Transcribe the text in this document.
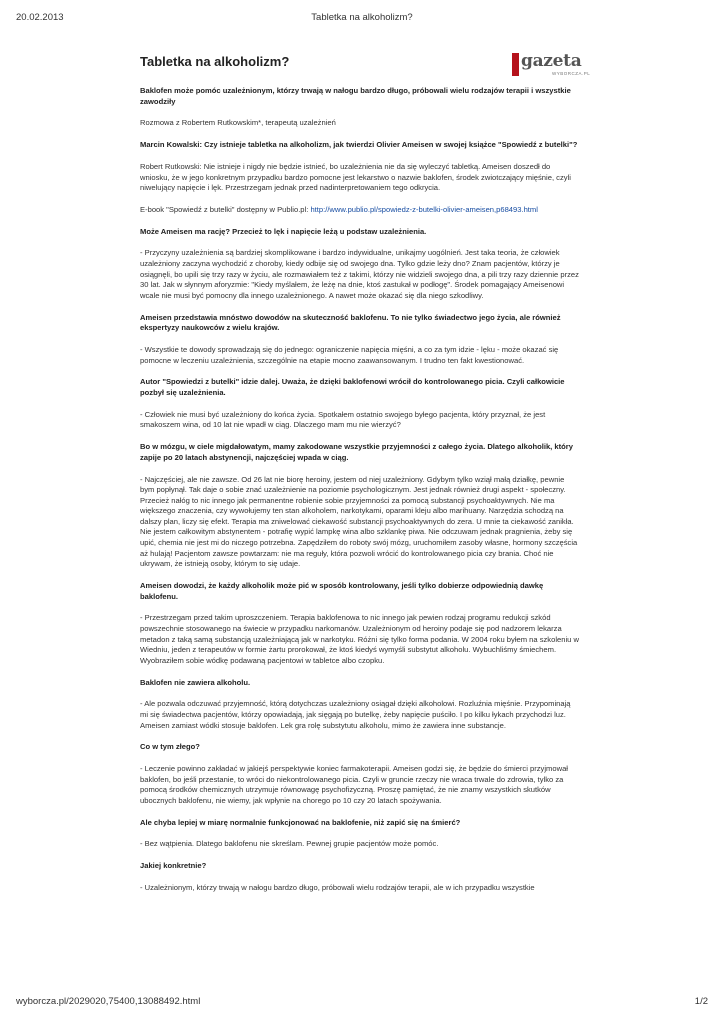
20.02.2013	Tabletka na alkoholizm?
Tabletka na alkoholizm?	gazeta
WYBORCZA.PL

Baklofen może pomóc uzależnionym, którzy trwają w nałogu bardzo długo, próbowali wielu rodzajów terapii i wszystkie zawodziły

Rozmowa z Robertem Rutkowskim*, terapeutą uzależnień

Marcin Kowalski: Czy istnieje tabletka na alkoholizm, jak twierdzi Olivier Ameisen w swojej książce "Spowiedź z butelki"?

Robert Rutkowski: Nie istnieje i nigdy nie będzie istnieć, bo uzależnienia nie da się wyleczyć tabletką. Ameisen doszedł do wniosku, że w jego konkretnym przypadku bardzo pomocne jest lekarstwo o nazwie baklofen, środek zwiotczający mięśnie, czyli niwelujący napięcie i lęk. Przestrzegam jednak przed nadinterpretowaniem tego odkrycia.

E-book "Spowiedź z butelki" dostępny w Publio.pl: http://www.publio.pl/spowiedz-z-butelki-olivier-ameisen,p68493.html

Może Ameisen ma rację? Przecież to lęk i napięcie leżą u podstaw uzależnienia.

- Przyczyny uzależnienia są bardziej skomplikowane i bardzo indywidualne, unikajmy uogólnień. Jest taka teoria, że człowiek uzależniony zaczyna wychodzić z choroby, kiedy odbije się od swojego dna. Tylko gdzie leży dno? Znam pacjentów, którzy je osiągnęli, bo upili się trzy razy w życiu, ale rozmawiałem też z takimi, którzy nie widzieli swojego dna, a pili trzy razy dziennie przez 30 lat. Jak w słynnym aforyzmie: "Kiedy myślałem, że leżę na dnie, ktoś zastukał w podłogę". Środek pomagający Ameisenowi wcale nie musi być pomocny dla innego uzależnionego. A nawet może okazać się dla niego szkodliwy.

Ameisen przedstawia mnóstwo dowodów na skuteczność baklofenu. To nie tylko świadectwo jego życia, ale również ekspertyzy naukowców z wielu krajów.

- Wszystkie te dowody sprowadzają się do jednego: ograniczenie napięcia mięśni, a co za tym idzie - lęku - może okazać się pomocne w leczeniu uzależnienia, szczególnie na etapie mocno zaawansowanym. I trudno ten fakt kwestionować.

Autor "Spowiedzi z butelki" idzie dalej. Uważa, że dzięki baklofenowi wrócił do kontrolowanego picia. Czyli całkowicie pozbył się uzależnienia.

- Człowiek nie musi być uzależniony do końca życia. Spotkałem ostatnio swojego byłego pacjenta, który przyznał, że jest smakoszem wina, od 10 lat nie wpadł w ciąg. Dlaczego mam mu nie wierzyć?

Bo w mózgu, w ciele migdałowatym, mamy zakodowane wszystkie przyjemności z całego życia. Dlatego alkoholik, który zapije po 20 latach abstynencji, najczęściej wpada w ciąg.

- Najczęściej, ale nie zawsze. Od 26 lat nie biorę heroiny, jestem od niej uzależniony. Gdybym tylko wziął małą działkę, pewnie bym popłynął. Tak daje o sobie znać uzależnienie na poziomie psychologicznym. Jest jednak również drugi aspekt - społeczny. Przecież nałóg to nic innego jak permanentne robienie sobie przyjemności za pomocą substancji psychoaktywnych. Nie ma większego znaczenia, czy wywołujemy ten stan alkoholem, narkotykami, oparami kleju albo marihuany. Narzędzia schodzą na dalszy plan, liczy się efekt. Terapia ma zniwelować ciekawość substancji psychoaktywnych do zera. U mnie ta ciekawość zanikła. Nie jestem całkowitym abstynentem - potrafię wypić lampkę wina albo szklankę piwa. Nie odczuwam jednak pragnienia, żeby się upić, chemia nie jest mi do niczego potrzebna. Zapędziłem do roboty swój mózg, uruchomiłem zasoby własne, hormony szczęścia aż hulają! Pacjentom zawsze powtarzam: nie ma reguły, która pozwoli wrócić do kontrolowanego picia czy brania. Choć nie ukrywam, że istnieją osoby, którym to się udaje.

Ameisen dowodzi, że każdy alkoholik może pić w sposób kontrolowany, jeśli tylko dobierze odpowiednią dawkę baklofenu.

- Przestrzegam przed takim uproszczeniem. Terapia baklofenowa to nic innego jak pewien rodzaj programu redukcji szkód powszechnie stosowanego na świecie w przypadku narkomanów. Uzależnionym od heroiny podaje się pod nadzorem lekarza metadon z taką samą substancją uzależniającą jak w narkotyku. Różni się tylko forma podania. W 2004 roku byłem na szkoleniu w Wiedniu, jeden z terapeutów w formie żartu prorokował, że ktoś kiedyś wymyśli substytut alkoholu. Wybuchliśmy śmiechem. Wyobraziłem sobie wódkę podawaną pacjentowi w tabletce albo czopku.

Baklofen nie zawiera alkoholu.

- Ale pozwala odczuwać przyjemność, którą dotychczas uzależniony osiągał dzięki alkoholowi. Rozluźnia mięśnie. Przypominają mi się świadectwa pacjentów, którzy opowiadają, jak sięgają po butelkę, żeby napięcie puściło. I po kilku łykach przychodzi luz. Ameisen zamiast wódki stosuje baklofen. Lek gra rolę substytutu alkoholu, mimo że zawiera inne substancje.

Co w tym złego?

- Leczenie powinno zakładać w jakiejś perspektywie koniec farmakoterapii. Ameisen godzi się, że będzie do śmierci przyjmował baklofen, bo jeśli przestanie, to wróci do niekontrolowanego picia. Czyli w gruncie rzeczy nie wraca trwale do zdrowia, tylko za pomocą środków chemicznych utrzymuje równowagę psychofizyczną. Proszę pamiętać, że nie znamy wszystkich skutków ubocznych baklofenu, nie wiemy, jak wpłynie na chorego po 10 czy 20 latach spożywania.

Ale chyba lepiej w miarę normalnie funkcjonować na baklofenie, niż zapić się na śmierć?

- Bez wątpienia. Dlatego baklofenu nie skreślam. Pewnej grupie pacjentów może pomóc.

Jakiej konkretnie?

- Uzależnionym, którzy trwają w nałogu bardzo długo, próbowali wielu rodzajów terapii, ale w ich przypadku wszystkie

wyborcza.pl/2029020,75400,13088492.html	1/2
